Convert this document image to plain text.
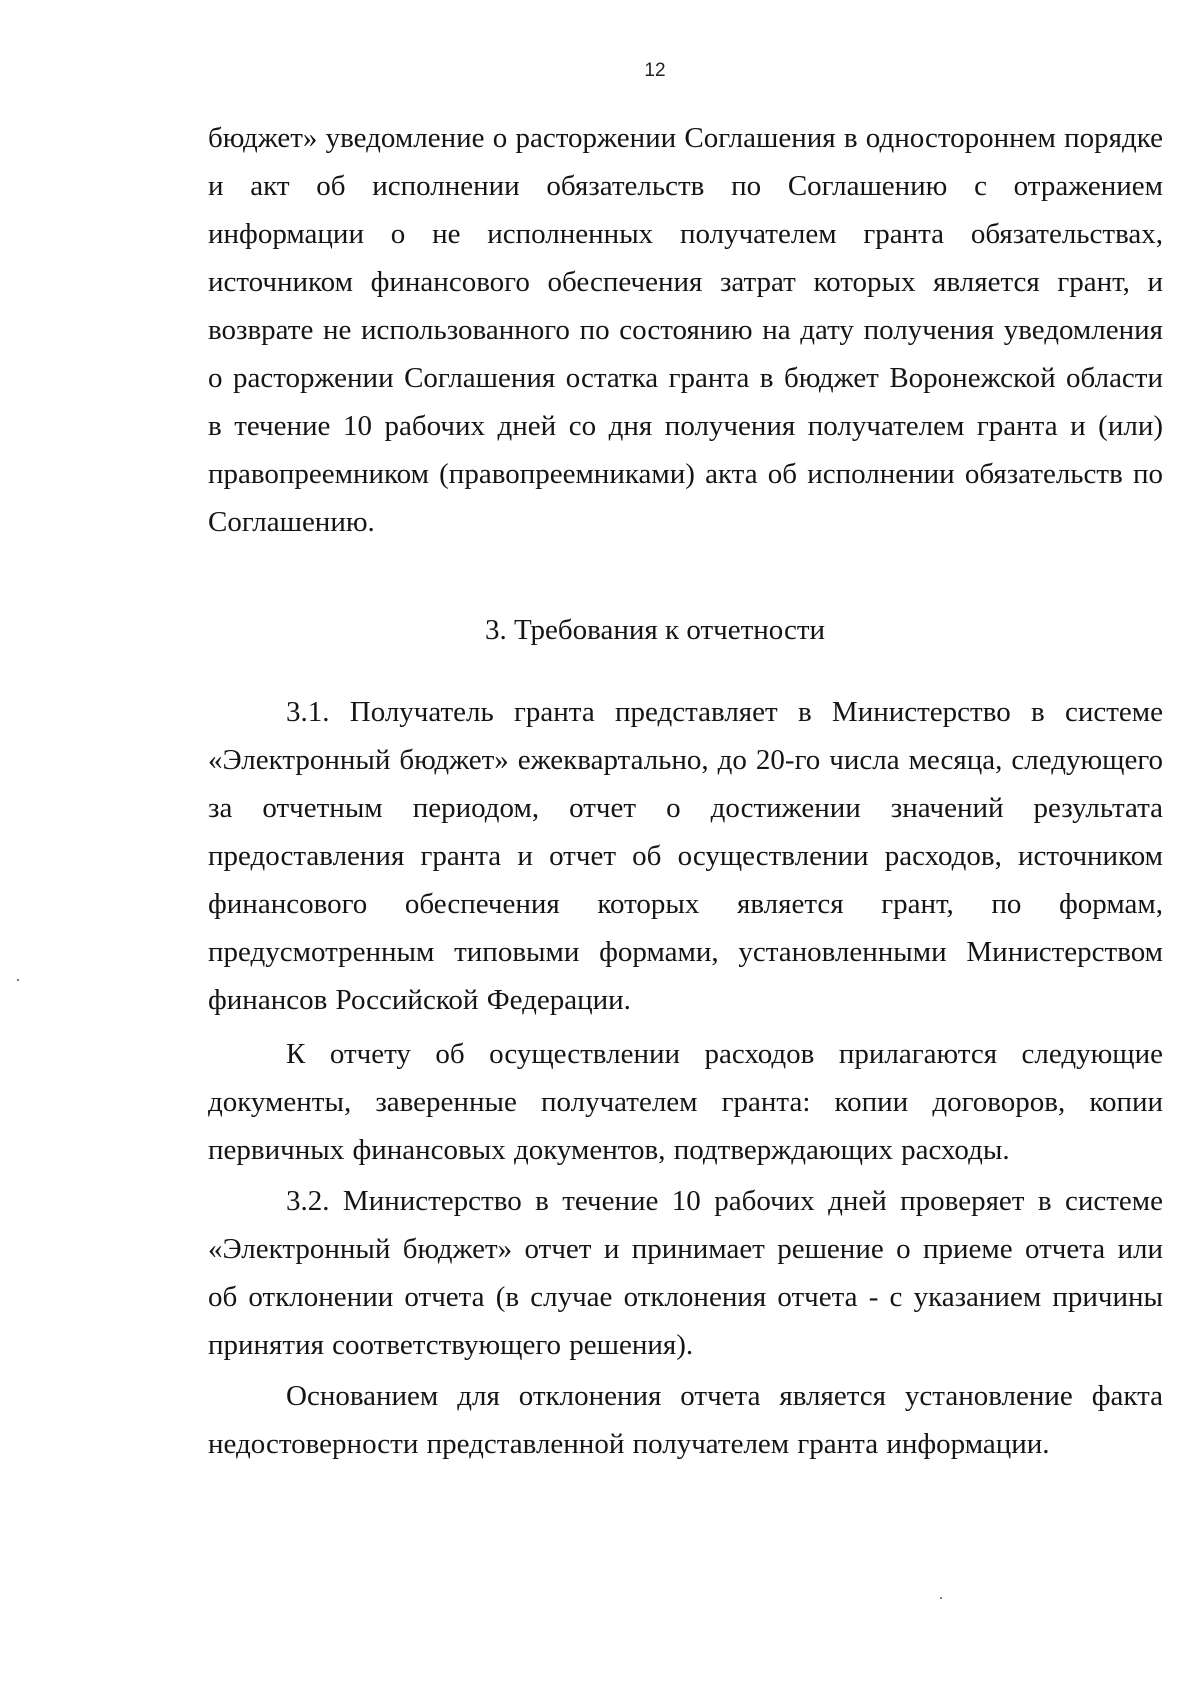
12

бюджет» уведомление о расторжении Соглашения в одностороннем порядке и акт об исполнении обязательств по Соглашению с отражением информации о не исполненных получателем гранта обязательствах, источником финансового обеспечения затрат которых является грант, и возврате не использованного по состоянию на дату получения уведомления о расторжении Соглашения остатка гранта в бюджет Воронежской области в течение 10 рабочих дней со дня получения получателем гранта и (или) правопреемником (правопреемниками) акта об исполнении обязательств по Соглашению.

3. Требования к отчетности

3.1. Получатель гранта представляет в Министерство в системе «Электронный бюджет» ежеквартально, до 20-го числа месяца, следующего за отчетным периодом, отчет о достижении значений результата предоставления гранта и отчет об осуществлении расходов, источником финансового обеспечения которых является грант, по формам, предусмотренным типовыми формами, установленными Министерством финансов Российской Федерации.

К отчету об осуществлении расходов прилагаются следующие документы, заверенные получателем гранта: копии договоров, копии первичных финансовых документов, подтверждающих расходы.

3.2. Министерство в течение 10 рабочих дней проверяет в системе «Электронный бюджет» отчет и принимает решение о приеме отчета или об отклонении отчета (в случае отклонения отчета - с указанием причины принятия соответствующего решения).

Основанием для отклонения отчета является установление факта недостоверности представленной получателем гранта информации.
